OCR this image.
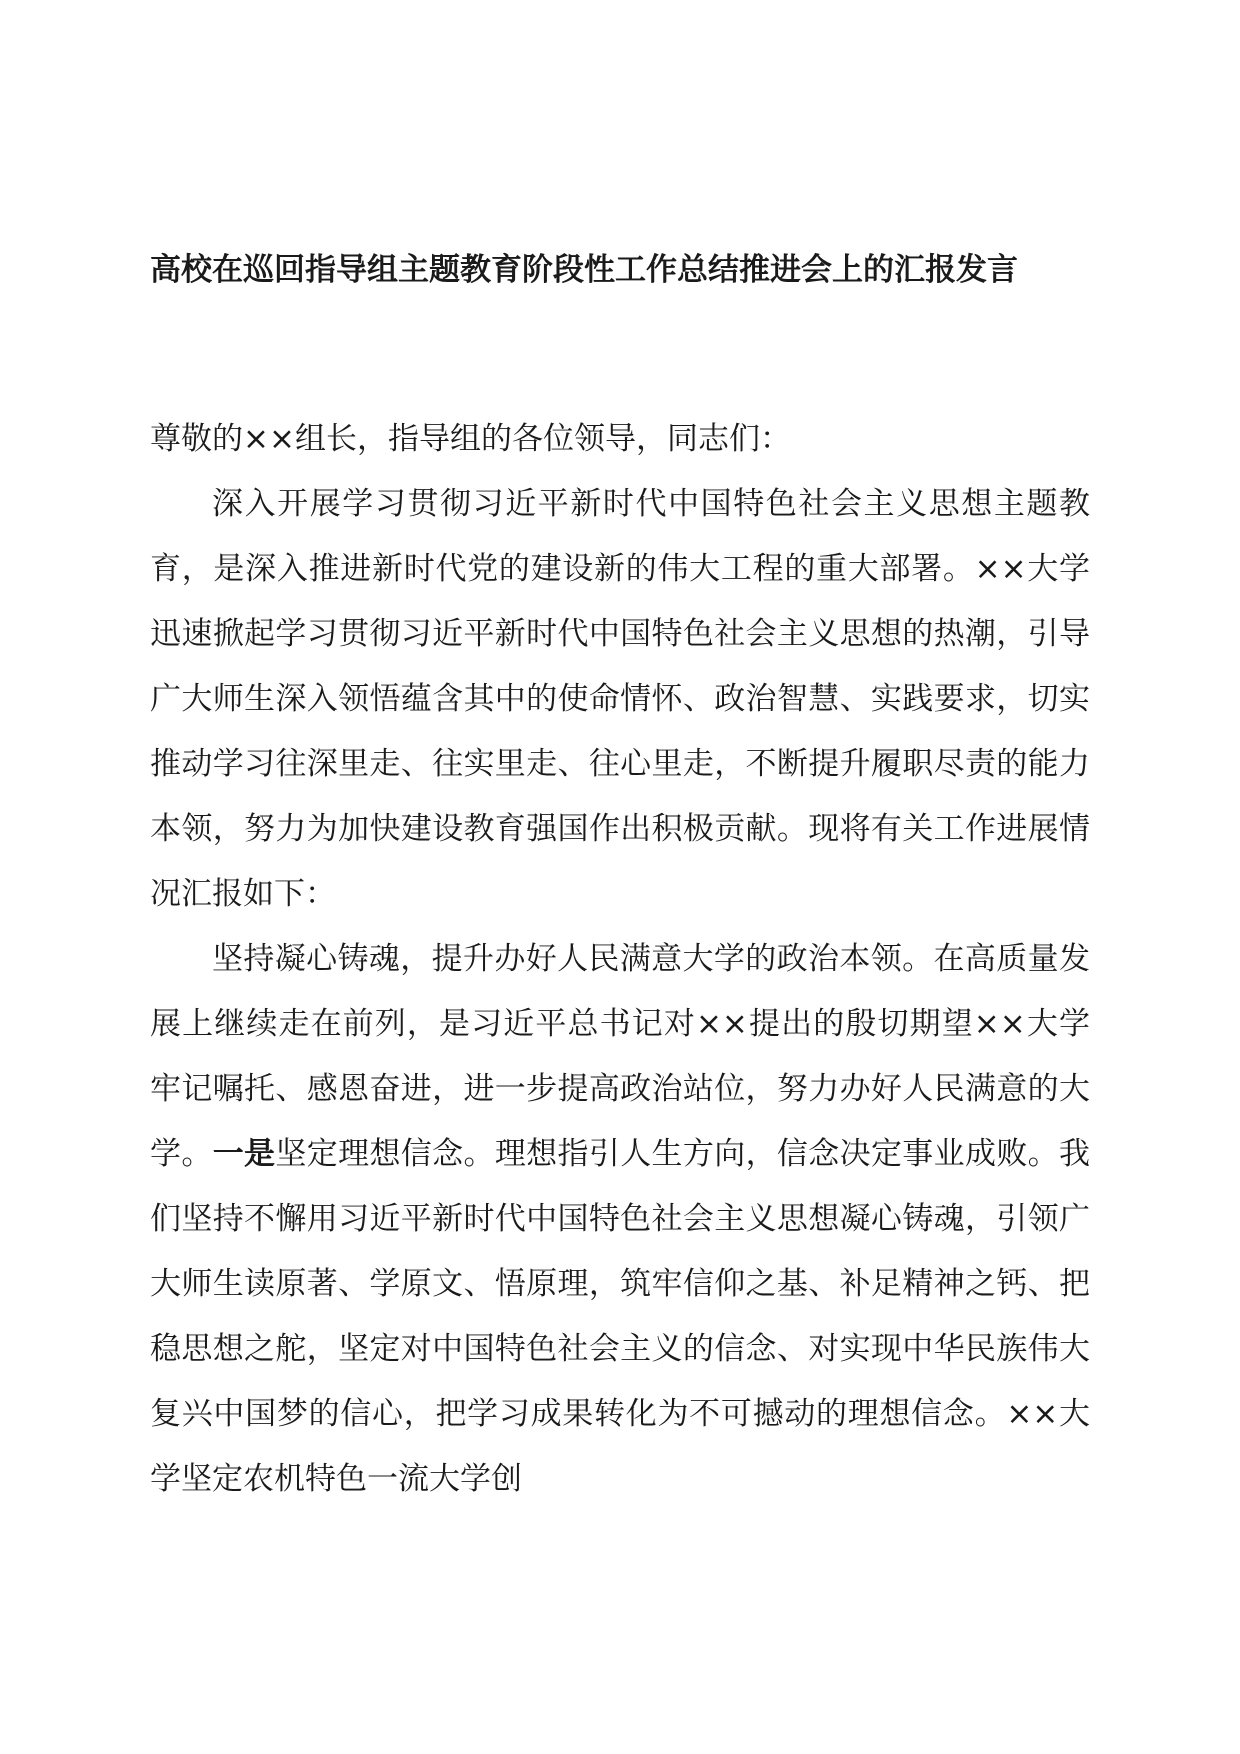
高校在巡回指导组主题教育阶段性工作总结推进会上的汇报发言

尊敬的××组长，指导组的各位领导，同志们：

深入开展学习贯彻习近平新时代中国特色社会主义思想主题教育，是深入推进新时代党的建设新的伟大工程的重大部署。××大学迅速掀起学习贯彻习近平新时代中国特色社会主义思想的热潮，引导广大师生深入领悟蕴含其中的使命情怀、政治智慧、实践要求，切实推动学习往深里走、往实里走、往心里走，不断提升履职尽责的能力本领，努力为加快建设教育强国作出积极贡献。现将有关工作进展情况汇报如下：

坚持凝心铸魂，提升办好人民满意大学的政治本领。在高质量发展上继续走在前列，是习近平总书记对××提出的殷切期望××大学牢记嘱托、感恩奋进，进一步提高政治站位，努力办好人民满意的大学。一是坚定理想信念。理想指引人生方向，信念决定事业成败。我们坚持不懈用习近平新时代中国特色社会主义思想凝心铸魂，引领广大师生读原著、学原文、悟原理，筑牢信仰之基、补足精神之钙、把稳思想之舵，坚定对中国特色社会主义的信念、对实现中华民族伟大复兴中国梦的信心，把学习成果转化为不可撼动的理想信念。××大学坚定农机特色一流大学创
